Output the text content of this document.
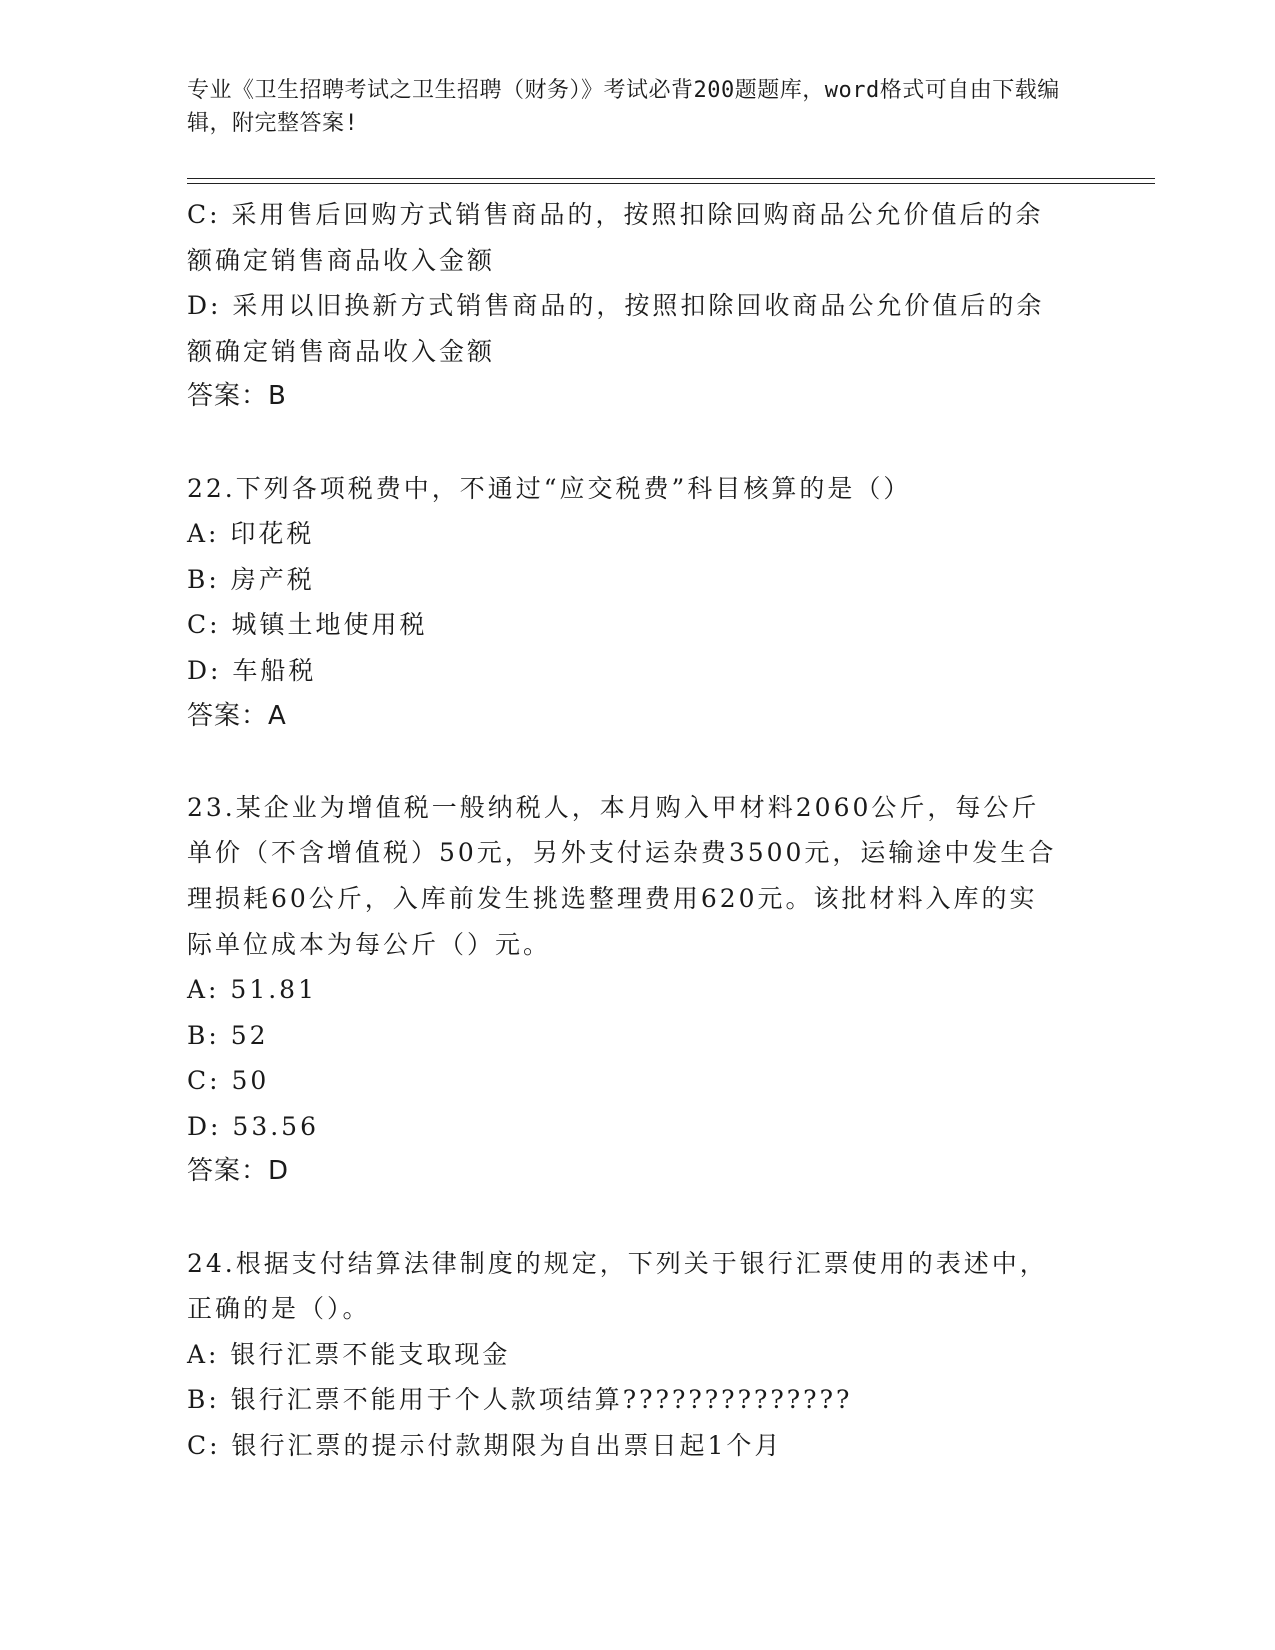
专业《卫生招聘考试之卫生招聘（财务）》考试必背200题题库，word格式可自由下载编辑，附完整答案!
C: 采用售后回购方式销售商品的，按照扣除回购商品公允价值后的余
额确定销售商品收入金额
D: 采用以旧换新方式销售商品的，按照扣除回收商品公允价值后的余
额确定销售商品收入金额
答案：B
22.下列各项税费中，不通过“应交税费”科目核算的是（）
A: 印花税
B: 房产税
C: 城镇土地使用税
D: 车船税
答案：A
23.某企业为增值税一般纳税人，本月购入甲材料2060公斤，每公斤
单价（不含增值税）50元，另外支付运杂费3500元，运输途中发生合
理损耗60公斤，入库前发生挑选整理费用620元。该批材料入库的实
际单位成本为每公斤（）元。
A: 51.81
B: 52
C: 50
D: 53.56
答案：D
24.根据支付结算法律制度的规定，下列关于银行汇票使用的表述中，
正确的是（）。
A: 银行汇票不能支取现金
B: 银行汇票不能用于个人款项结算??????????????
C: 银行汇票的提示付款期限为自出票日起1个月
